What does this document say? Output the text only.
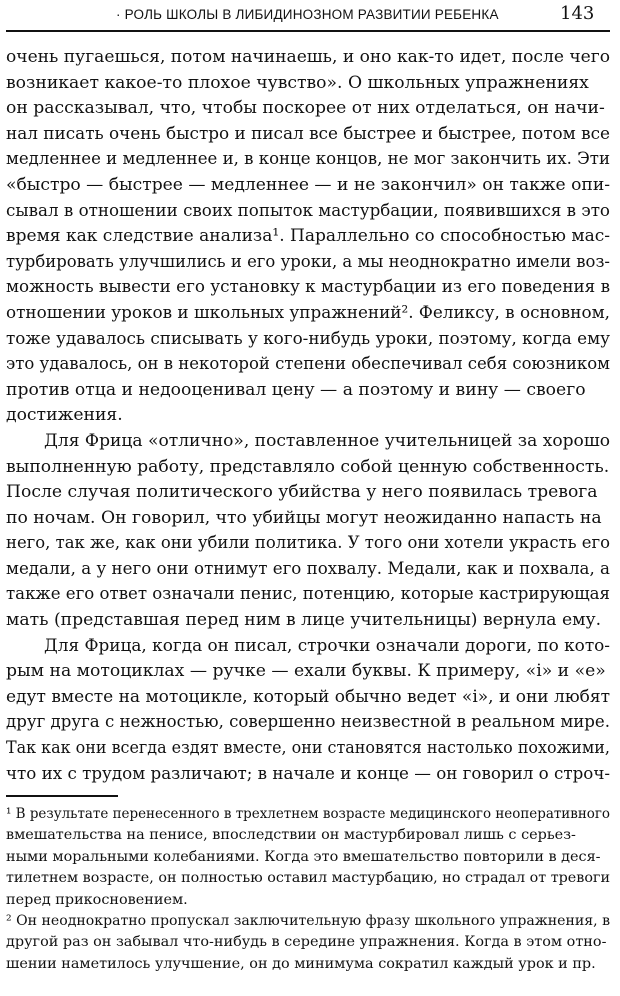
· РОЛЬ ШКОЛЫ В ЛИБИДИНОЗНОМ РАЗВИТИИ РЕБЕНКА	143
очень пугаешься, потом начинаешь, и оно как-то идет, после чего
возникает какое-то плохое чувство». О школьных упражнениях
он рассказывал, что, чтобы поскорее от них отделаться, он начи-
нал писать очень быстро и писал все быстрее и быстрее, потом все
медленнее и медленнее и, в конце концов, не мог закончить их. Эти
«быстро — быстрее — медленнее — и не закончил» он также опи-
сывал в отношении своих попыток мастурбации, появившихся в это
время как следствие анализа¹. Параллельно со способностью мас-
турбировать улучшились и его уроки, а мы неоднократно имели воз-
можность вывести его установку к мастурбации из его поведения в
отношении уроков и школьных упражнений². Феликсу, в основном,
тоже удавалось списывать у кого-нибудь уроки, поэтому, когда ему
это удавалось, он в некоторой степени обеспечивал себя союзником
против отца и недооценивал цену — а поэтому и вину — своего
достижения.
Для Фрица «отлично», поставленное учительницей за хорошо
выполненную работу, представляло собой ценную собственность.
После случая политического убийства у него появилась тревога
по ночам. Он говорил, что убийцы могут неожиданно напасть на
него, так же, как они убили политика. У того они хотели украсть его
медали, а у него они отнимут его похвалу. Медали, как и похвала, а
также его ответ означали пенис, потенцию, которые кастрирующая
мать (представшая перед ним в лице учительницы) вернула ему.
Для Фрица, когда он писал, строчки означали дороги, по кото-
рым на мотоциклах — ручке — ехали буквы. К примеру, «i» и «e»
едут вместе на мотоцикле, который обычно ведет «i», и они любят
друг друга с нежностью, совершенно неизвестной в реальном мире.
Так как они всегда ездят вместе, они становятся настолько похожими,
что их с трудом различают; в начале и конце — он говорил о строч-
¹ В результате перенесенного в трехлетнем возрасте медицинского неоперативного
вмешательства на пенисе, впоследствии он мастурбировал лишь с серьез-
ными моральными колебаниями. Когда это вмешательство повторили в деся-
тилетнем возрасте, он полностью оставил мастурбацию, но страдал от тревоги
перед прикосновением.
² Он неоднократно пропускал заключительную фразу школьного упражнения, в
другой раз он забывал что-нибудь в середине упражнения. Когда в этом отно-
шении наметилось улучшение, он до минимума сократил каждый урок и пр.
